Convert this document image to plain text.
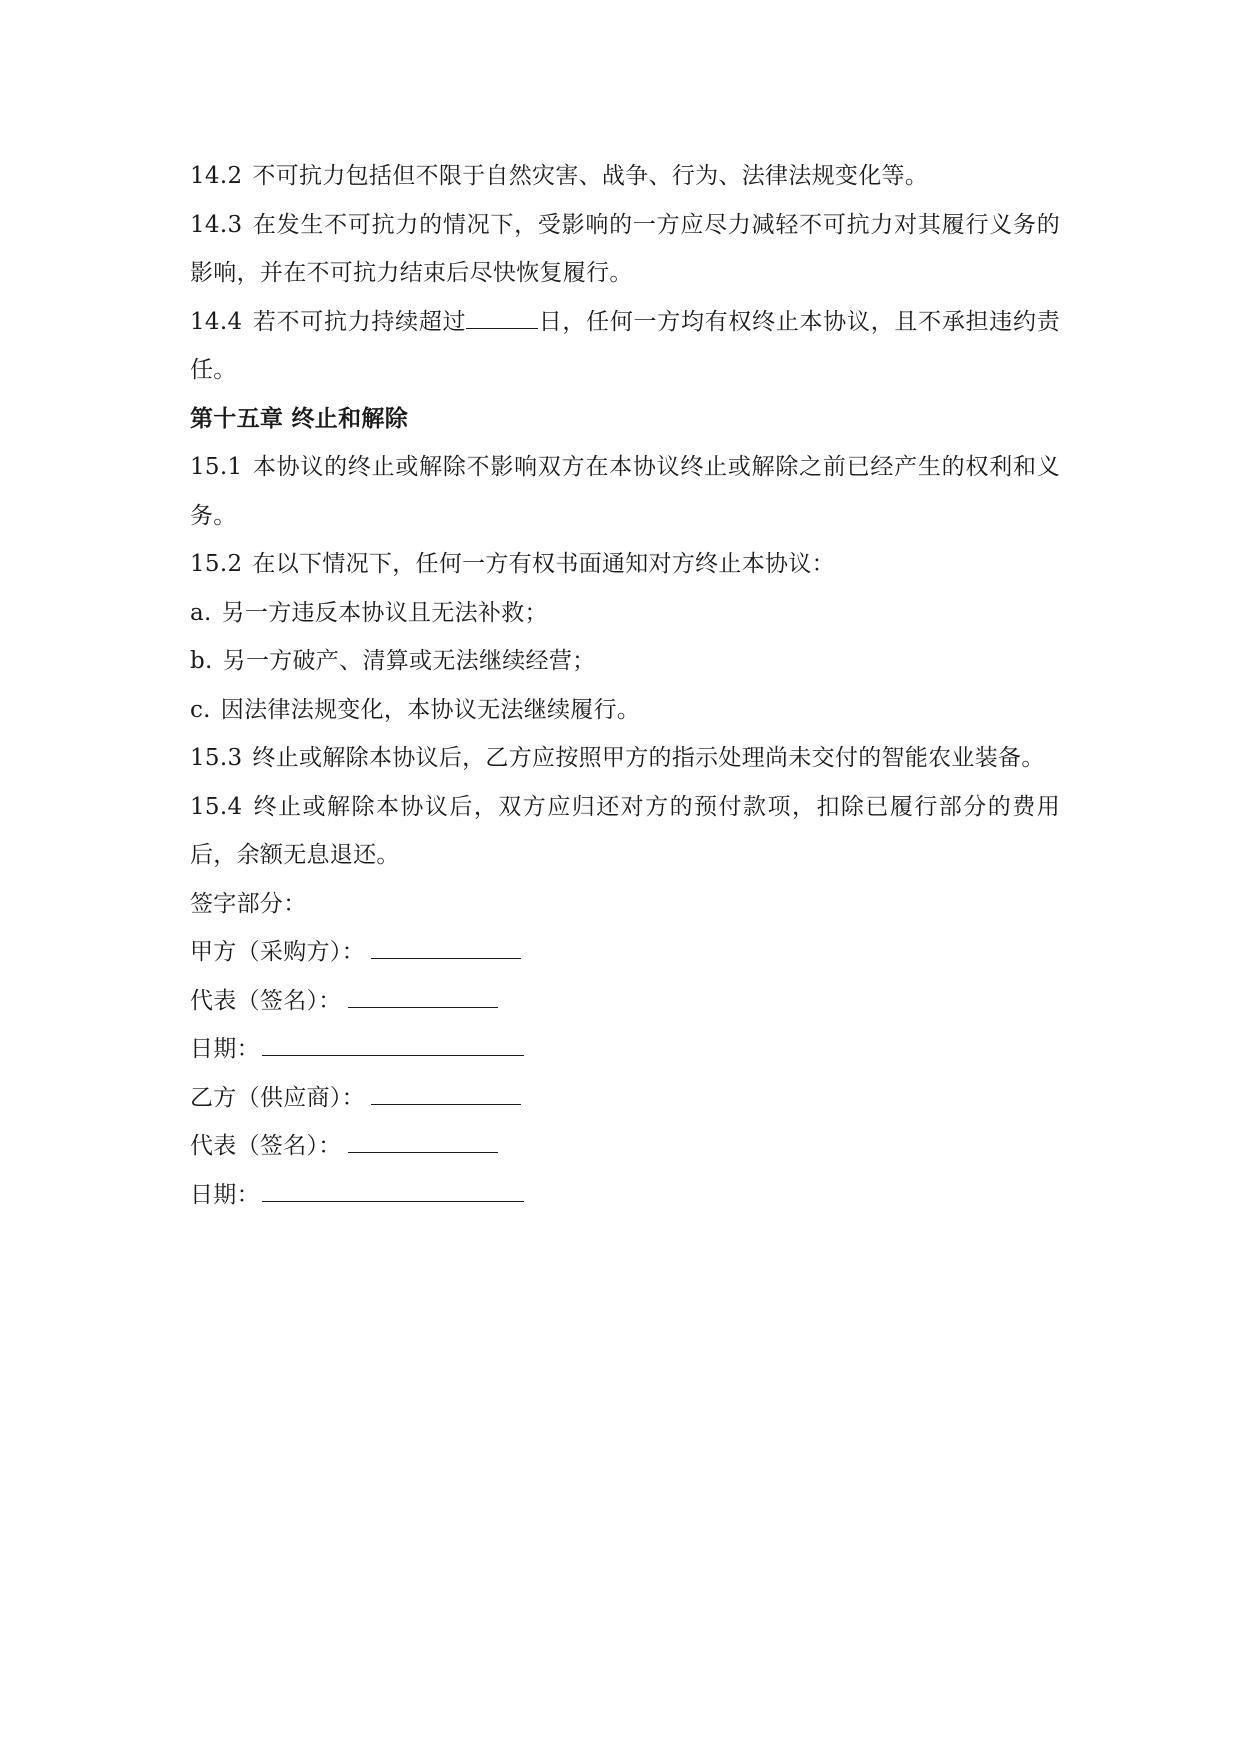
14.2 不可抗力包括但不限于自然灾害、战争、行为、法律法规变化等。

14.3 在发生不可抗力的情况下，受影响的一方应尽力减轻不可抗力对其履行义务的影响，并在不可抗力结束后尽快恢复履行。

14.4 若不可抗力持续超过	日，任何一方均有权终止本协议，且不承担违约责任。

第十五章 终止和解除

15.1 本协议的终止或解除不影响双方在本协议终止或解除之前已经产生的权利和义务。

15.2 在以下情况下，任何一方有权书面通知对方终止本协议：

a. 另一方违反本协议且无法补救；

b. 另一方破产、清算或无法继续经营；

c. 因法律法规变化，本协议无法继续履行。

15.3 终止或解除本协议后，乙方应按照甲方的指示处理尚未交付的智能农业装备。

15.4 终止或解除本协议后，双方应归还对方的预付款项，扣除已履行部分的费用后，余额无息退还。

签字部分：

甲方（采购方）：

代表（签名）：

日期：

乙方（供应商）：

代表（签名）：

日期：
